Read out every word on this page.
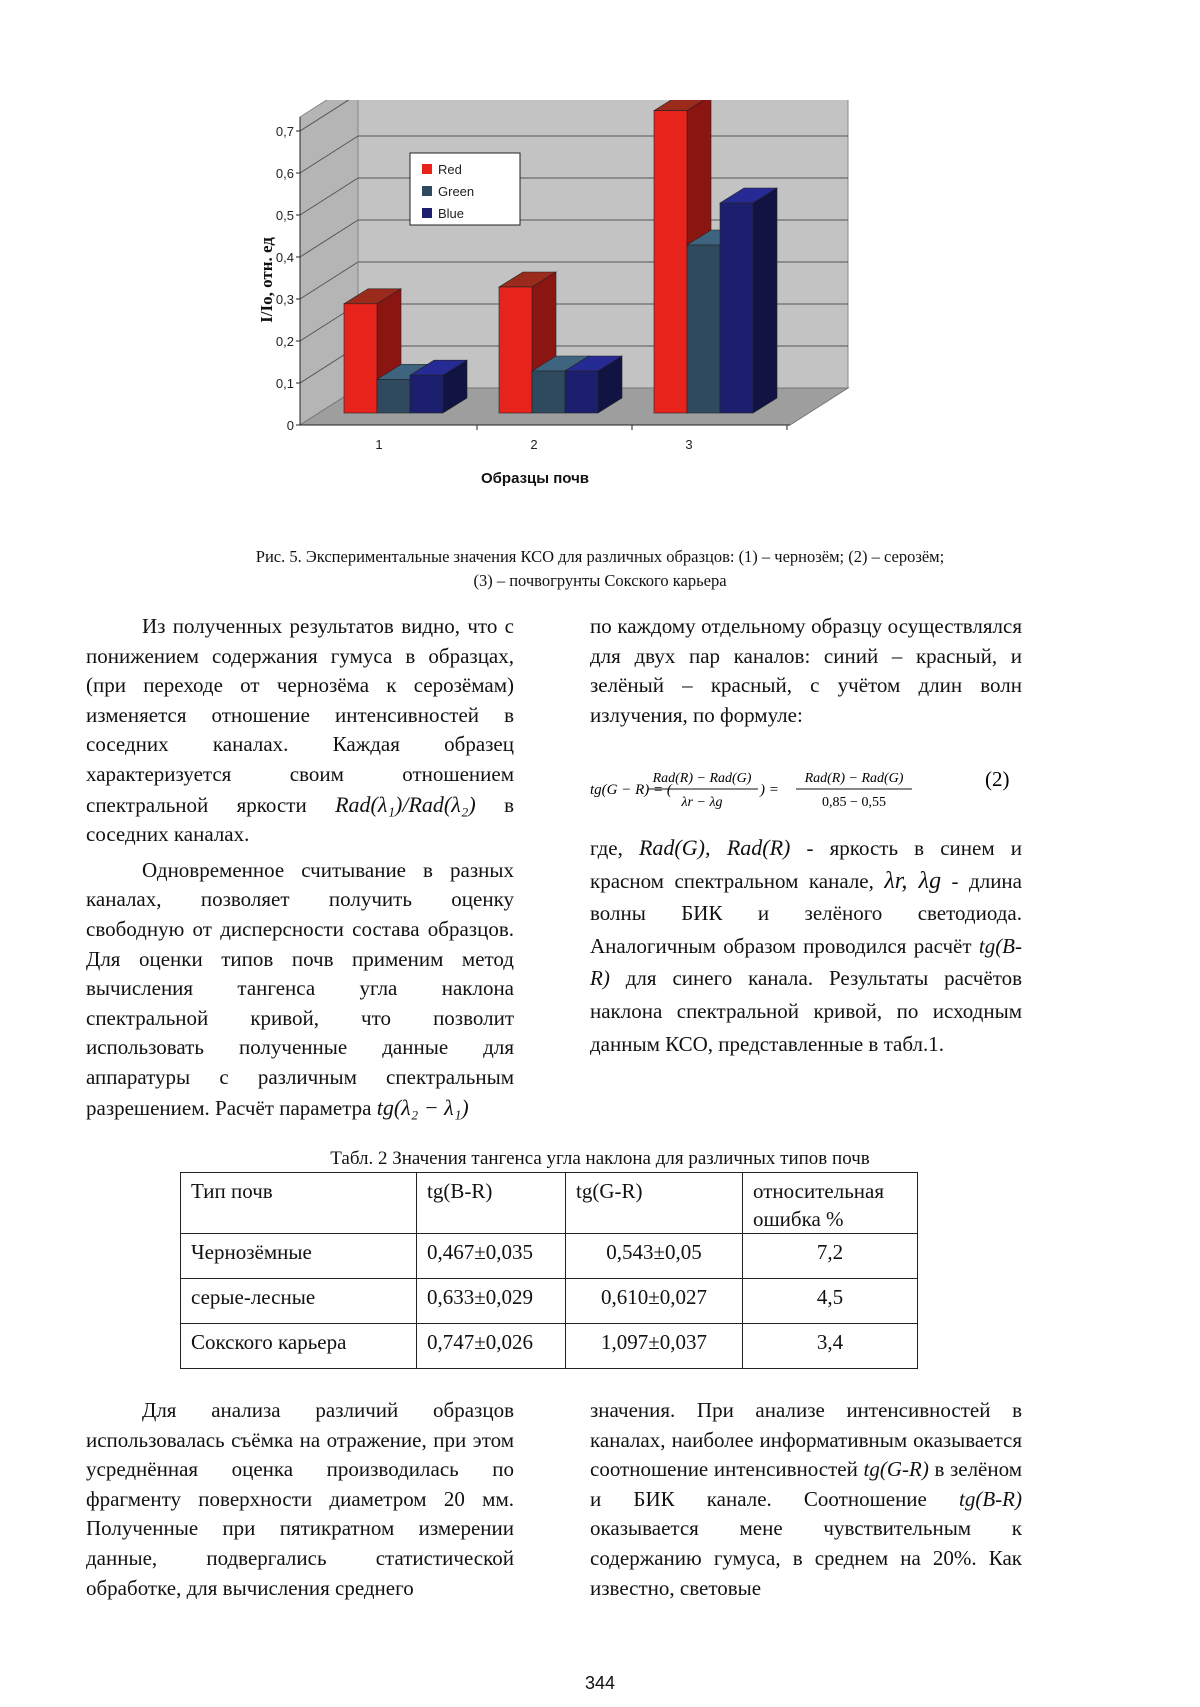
0
0,1
0,2
0,3
0,4
0,5
0,6
0,7
1	2	3
Образцы почв
I/Io, отн. ед
Red
Green
Blue
Рис. 5. Экспериментальные значения КСО для различных образцов: (1) – чернозём; (2) – серозём;
(3) – почвогрунты Сокского карьера

Из полученных результатов видно, что с понижением содержания гумуса в образцах, (при переходе от чернозёма к серозёмам) изменяется отношение интенсивностей в соседних каналах. Каждая образец характеризуется своим отношением спектральной яркости Rad(λ₁)/Rad(λ₂) в соседних каналах.

Одновременное считывание в разных каналах, позволяет получить оценку свободную от дисперсности состава образцов. Для оценки типов почв применим метод вычисления тангенса угла наклона спектральной кривой, что позволит использовать полученные данные для аппаратуры с различным спектральным разрешением. Расчёт параметра tg(λ₂ − λ₁)

по каждому отдельному образцу осуществлялся для двух пар каналов: синий – красный, и зелёный – красный, с учётом длин волн излучения, по формуле:

tg(G − R) = (
Rad(R) − Rad(G)
λr − λg
) =
Rad(R) − Rad(G)
0,85 − 0,55
(2)

где, Rad(G), Rad(R) - яркость в синем и красном спектральном канале, λr, λg - длина волны БИК и зелёного светодиода. Аналогичным образом проводился расчёт tg(B-R) для синего канала. Результаты расчётов наклона спектральной кривой, по исходным данным КСО, представленные в табл.1.

Табл. 2 Значения тангенса угла наклона для различных типов почв
Тип почв	tg(B-R)	tg(G-R)	относительная ошибка %
Чернозёмные	0,467±0,035	0,543±0,05	7,2
серые-лесные	0,633±0,029	0,610±0,027	4,5
Сокского карьера	0,747±0,026	1,097±0,037	3,4

Для анализа различий образцов использовалась съёмка на отражение, при этом усреднённая оценка производилась по фрагменту поверхности диаметром 20 мм. Полученные при пятикратном измерении данные, подвергались статистической обработке, для вычисления среднего

значения. При анализе интенсивностей в каналах, наиболее информативным оказывается соотношение интенсивностей tg(G-R) в зелёном и БИК канале. Соотношение tg(B-R) оказывается мене чувствительным к содержанию гумуса, в среднем на 20%. Как известно, световые

344
